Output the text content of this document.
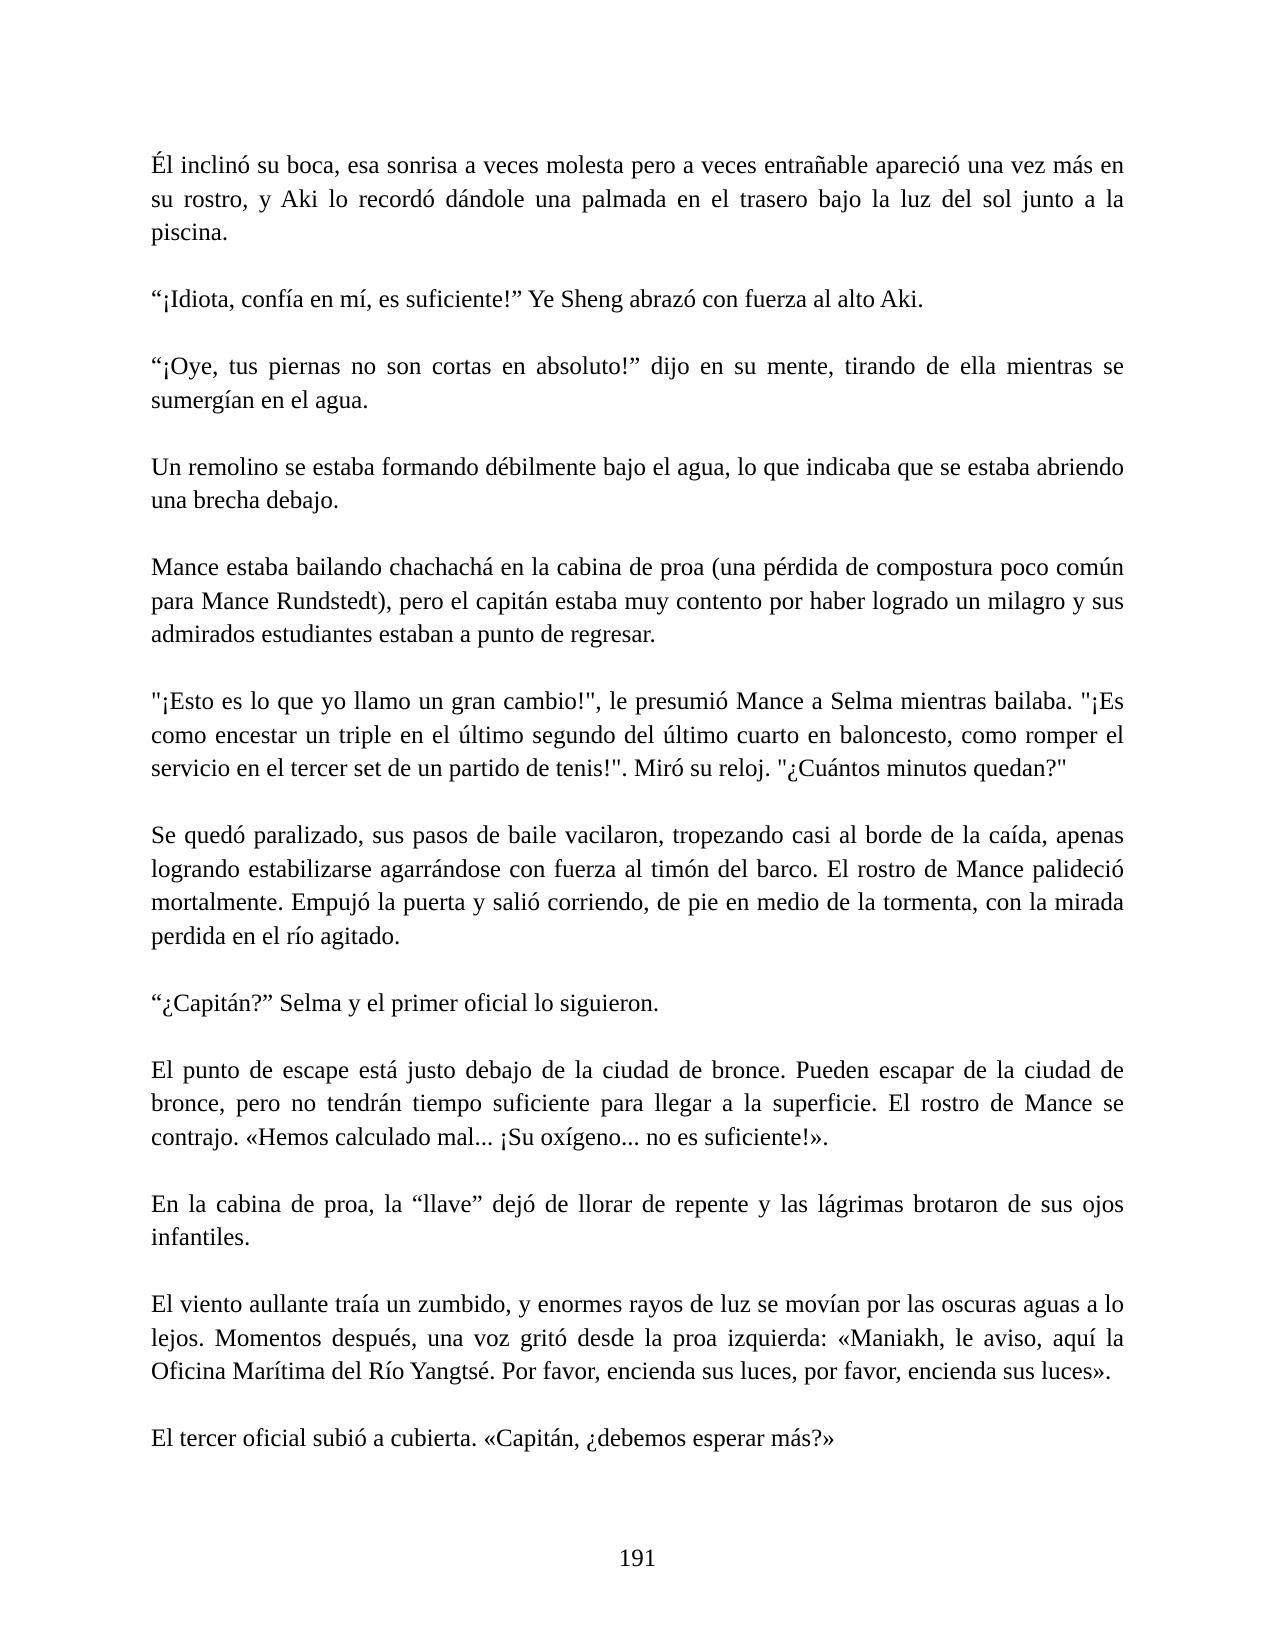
Él inclinó su boca, esa sonrisa a veces molesta pero a veces entrañable apareció una vez más en su rostro, y Aki lo recordó dándole una palmada en el trasero bajo la luz del sol junto a la piscina.

“¡Idiota, confía en mí, es suficiente!” Ye Sheng abrazó con fuerza al alto Aki.

“¡Oye, tus piernas no son cortas en absoluto!” dijo en su mente, tirando de ella mientras se sumergían en el agua.

Un remolino se estaba formando débilmente bajo el agua, lo que indicaba que se estaba abriendo una brecha debajo.

Mance estaba bailando chachachá en la cabina de proa (una pérdida de compostura poco común para Mance Rundstedt), pero el capitán estaba muy contento por haber logrado un milagro y sus admirados estudiantes estaban a punto de regresar.

"¡Esto es lo que yo llamo un gran cambio!", le presumió Mance a Selma mientras bailaba. "¡Es como encestar un triple en el último segundo del último cuarto en baloncesto, como romper el servicio en el tercer set de un partido de tenis!". Miró su reloj. "¿Cuántos minutos quedan?"

Se quedó paralizado, sus pasos de baile vacilaron, tropezando casi al borde de la caída, apenas logrando estabilizarse agarrándose con fuerza al timón del barco. El rostro de Mance palideció mortalmente. Empujó la puerta y salió corriendo, de pie en medio de la tormenta, con la mirada perdida en el río agitado.

“¿Capitán?” Selma y el primer oficial lo siguieron.

El punto de escape está justo debajo de la ciudad de bronce. Pueden escapar de la ciudad de bronce, pero no tendrán tiempo suficiente para llegar a la superficie. El rostro de Mance se contrajo. «Hemos calculado mal... ¡Su oxígeno... no es suficiente!».

En la cabina de proa, la “llave” dejó de llorar de repente y las lágrimas brotaron de sus ojos infantiles.

El viento aullante traía un zumbido, y enormes rayos de luz se movían por las oscuras aguas a lo lejos. Momentos después, una voz gritó desde la proa izquierda: «Maniakh, le aviso, aquí la Oficina Marítima del Río Yangtsé. Por favor, encienda sus luces, por favor, encienda sus luces».

El tercer oficial subió a cubierta. «Capitán, ¿debemos esperar más?»

191
